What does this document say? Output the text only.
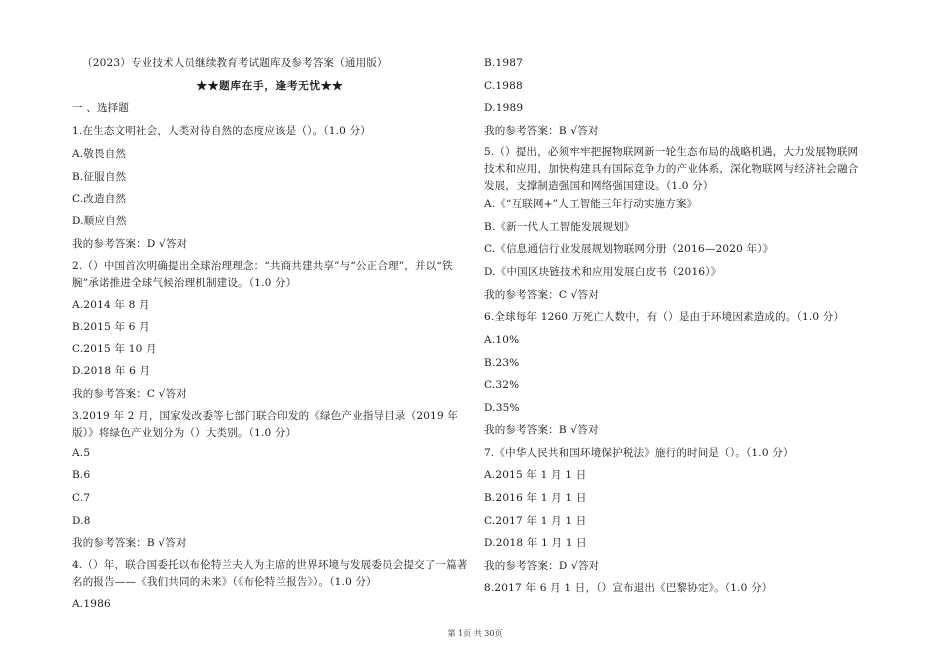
（2023）专业技术人员继续教育考试题库及参考答案（通用版）
★★题库在手，逢考无忧★★
一 、选择题
1.在生态文明社会，人类对待自然的态度应该是（）。（1.0 分）
A.敬畏自然
B.征服自然
C.改造自然
D.顺应自然
我的参考答案：D √答对
2.（）中国首次明确提出全球治理理念：“共商共建共享”与“公正合理”，并以“铁腕”承诺推进全球气候治理机制建设。（1.0 分）
A.2014 年 8 月
B.2015 年 6 月
C.2015 年 10 月
D.2018 年 6 月
我的参考答案：C √答对
3.2019 年 2 月，国家发改委等七部门联合印发的《绿色产业指导目录（2019 年版）》将绿色产业划分为（）大类别。（1.0 分）
A.5
B.6
C.7
D.8
我的参考答案：B √答对
4.（）年，联合国委托以布伦特兰夫人为主席的世界环境与发展委员会提交了一篇著名的报告——《我们共同的未来》（《布伦特兰报告》）。（1.0 分）
A.1986
B.1987
C.1988
D.1989
我的参考答案：B √答对
5.（）提出，必须牢牢把握物联网新一轮生态布局的战略机遇，大力发展物联网技术和应用，加快构建具有国际竞争力的产业体系，深化物联网与经济社会融合发展，支撑制造强国和网络强国建设。（1.0 分）
A.《“互联网+”人工智能三年行动实施方案》
B.《新一代人工智能发展规划》
C.《信息通信行业发展规划物联网分册（2016—2020 年）》
D.《中国区块链技术和应用发展白皮书（2016）》
我的参考答案：C √答对
6.全球每年 1260 万死亡人数中，有（）是由于环境因素造成的。（1.0 分）
A.10%
B.23%
C.32%
D.35%
我的参考答案：B √答对
7.《中华人民共和国环境保护税法》施行的时间是（）。（1.0 分）
A.2015 年 1 月 1 日
B.2016 年 1 月 1 日
C.2017 年 1 月 1 日
D.2018 年 1 月 1 日
我的参考答案：D √答对
8.2017 年 6 月 1 日，（）宣布退出《巴黎协定》。（1.0 分）
第 1页 共 30页
